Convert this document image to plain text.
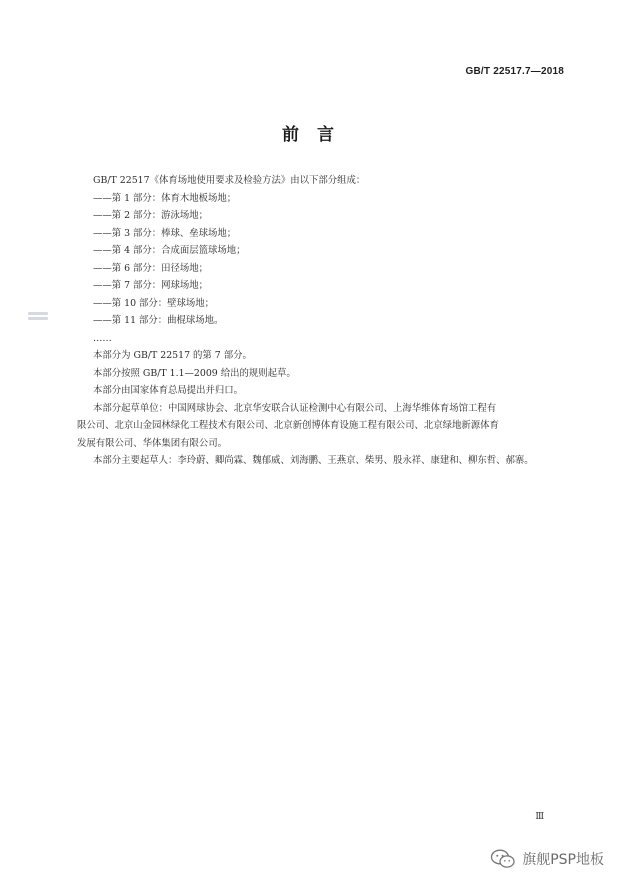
GB/T 22517.7—2018
前 言
GB/T 22517《体育场地使用要求及检验方法》由以下部分组成：
——第 1 部分：体育木地板场地；
——第 2 部分：游泳场地；
——第 3 部分：棒球、垒球场地；
——第 4 部分：合成面层篮球场地；
——第 6 部分：田径场地；
——第 7 部分：网球场地；
——第 10 部分：壁球场地；
——第 11 部分：曲棍球场地。
……
本部分为 GB/T 22517 的第 7 部分。
本部分按照 GB/T 1.1—2009 给出的规则起草。
本部分由国家体育总局提出并归口。
本部分起草单位：中国网球协会、北京华安联合认证检测中心有限公司、上海华维体育场馆工程有
限公司、北京山金园林绿化工程技术有限公司、北京新创博体育设施工程有限公司、北京绿地新源体育
发展有限公司、华体集团有限公司。
本部分主要起草人：李玲蔚、卿尚霖、魏郁威、刘海鹏、王燕京、柴男、殷永祥、康建和、柳东哲、郝寨。
Ⅲ
旗舰PSP地板
